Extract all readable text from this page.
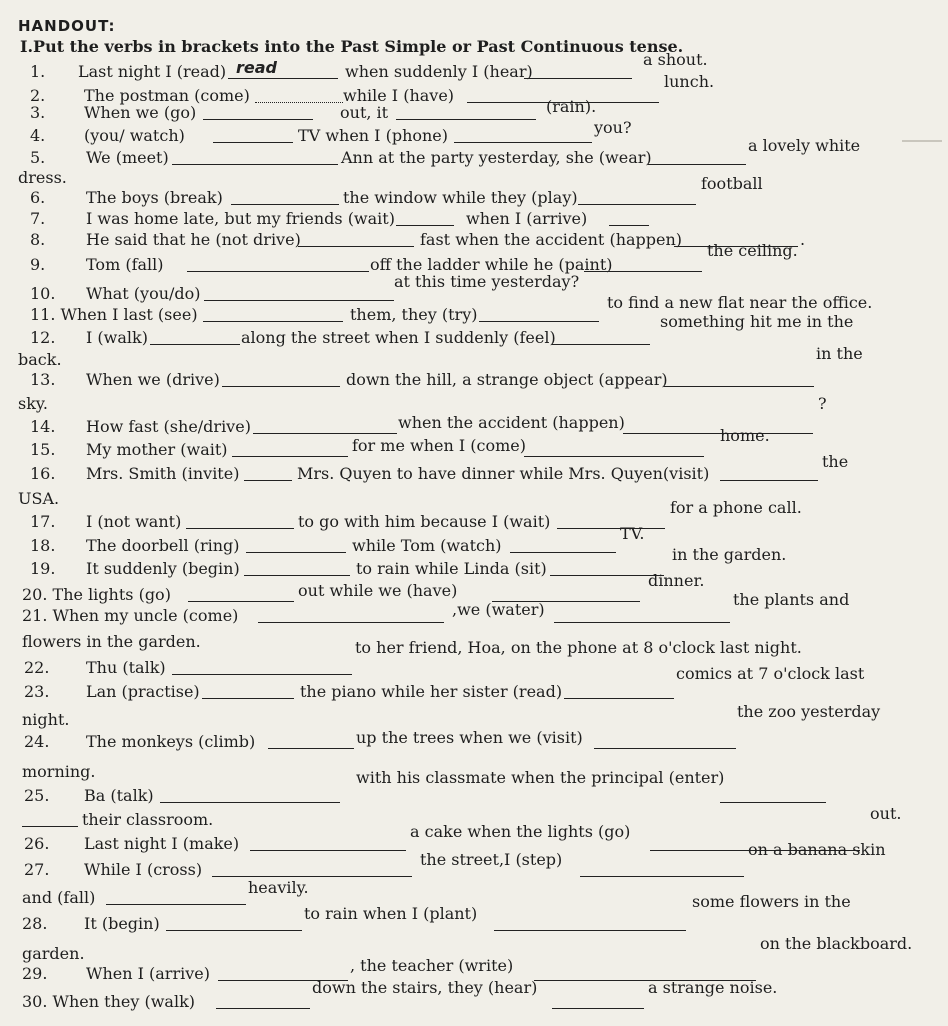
HANDOUT:
I.Put the verbs in brackets into the Past Simple or Past Continuous tense.
1. Last night I (read) read	when suddenly I (hear)
a shout.
2. The postman (come)	while I (have)
lunch.
3. When we (go)	out, it	(rain).
4. (you/ watch)	TV when I (phone)	you?
5.	We (meet)	Ann at the party yesterday, she (wear)
a lovely white
dress.
6.	The boys (break)	the window while they (play)
football
7.	I was home late, but my friends (wait)	when I (arrive)
8.	He said that he (not drive)	fast when the accident (happen)	.
9.	Tom (fall)	off the ladder while he (paint)
the ceiling.
10. What (you/do)
at this time yesterday?
11. When I last (see)	them, they (try)
to find a new flat near the office.
12. I (walk)	along the street when I suddenly (feel)
something hit me in the
back.	in the
13. When we (drive)	down the hill, a strange object (appear)
sky.	?
14. How fast (she/drive)	when the accident (happen)
15. My mother (wait)	for me when I (come)
home.
16. Mrs. Smith (invite)	Mrs. Quyen to have dinner while Mrs. Quyen(visit)
the
USA.
17. I (not want)	to go with him because I (wait)
for a phone call.
18. The doorbell (ring)	while Tom (watch)
TV.
19. It suddenly (begin)	to rain while Linda (sit)
in the garden.
20. The lights (go)	out while we (have)
dinner.
21. When my uncle (come)	,we (water)
the plants and
flowers in the garden.
22. Thu (talk)
to her friend, Hoa, on the phone at 8 o'clock last night.
23. Lan (practise)	the piano while her sister (read)
comics at 7 o'clock last
night.	the zoo yesterday
24. The monkeys (climb)	up the trees when we (visit)
morning.
25. Ba (talk)
with his classmate when the principal (enter)
their classroom.	out.
26. Last night I (make)
a cake when the lights (go)
27. While I (cross)
the street,I (step)
on a banana skin
and (fall)
heavily.
28. It (begin)
to rain when I (plant)
some flowers in the
garden.
on the blackboard.
29. When I (arrive)	, the teacher (write)
30. When they (walk)
down the stairs, they (hear)	a strange noise.
